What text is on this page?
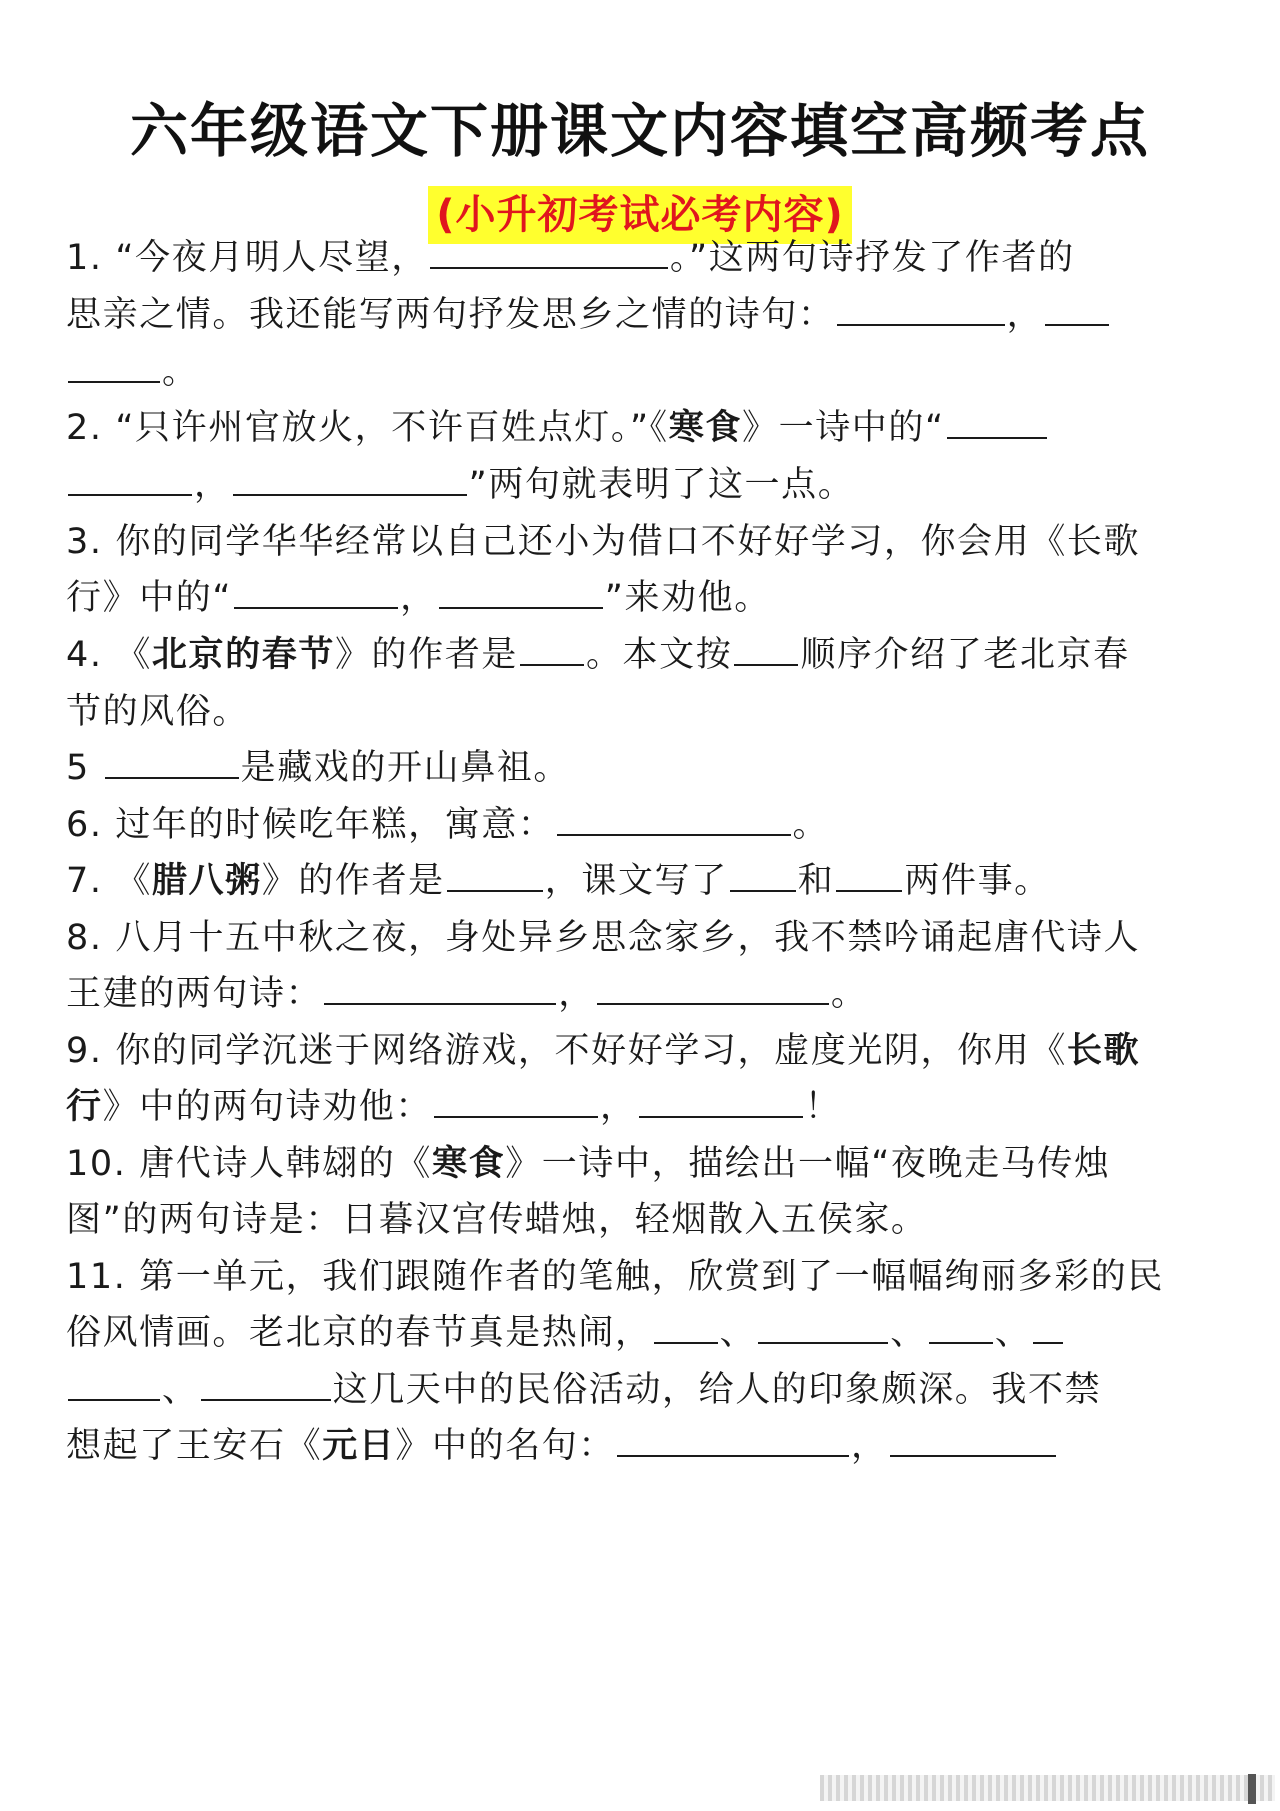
六年级语文下册课文内容填空高频考点
(小升初考试必考内容)
1. “今夜月明人尽望，	。”这两句诗抒发了作者的
思亲之情。我还能写两句抒发思乡之情的诗句：	，
。
2. “只许州官放火，不许百姓点灯。”《寒食》一诗中的“
，	”两句就表明了这一点。
3. 你的同学华华经常以自己还小为借口不好好学习，你会用《长歌
行》中的“	，	”来劝他。
4. 《北京的春节》的作者是 。本文按 顺序介绍了老北京春
节的风俗。
5	是藏戏的开山鼻祖。
6. 过年的时候吃年糕，寓意：	。
7. 《腊八粥》的作者是	，课文写了 和 两件事。
8. 八月十五中秋之夜，身处异乡思念家乡，我不禁吟诵起唐代诗人
王建的两句诗：	，	。
9. 你的同学沉迷于网络游戏，不好好学习，虚度光阴，你用《长歌
行》中的两句诗劝他：	，	！
10. 唐代诗人韩翃的《寒食》一诗中，描绘出一幅“夜晚走马传烛
图”的两句诗是：日暮汉宫传蜡烛，轻烟散入五侯家。
11. 第一单元，我们跟随作者的笔触，欣赏到了一幅幅绚丽多彩的民
俗风情画。老北京的春节真是热闹， 、	、 、
、	这几天中的民俗活动，给人的印象颇深。我不禁
想起了王安石《元日》中的名句：	，
